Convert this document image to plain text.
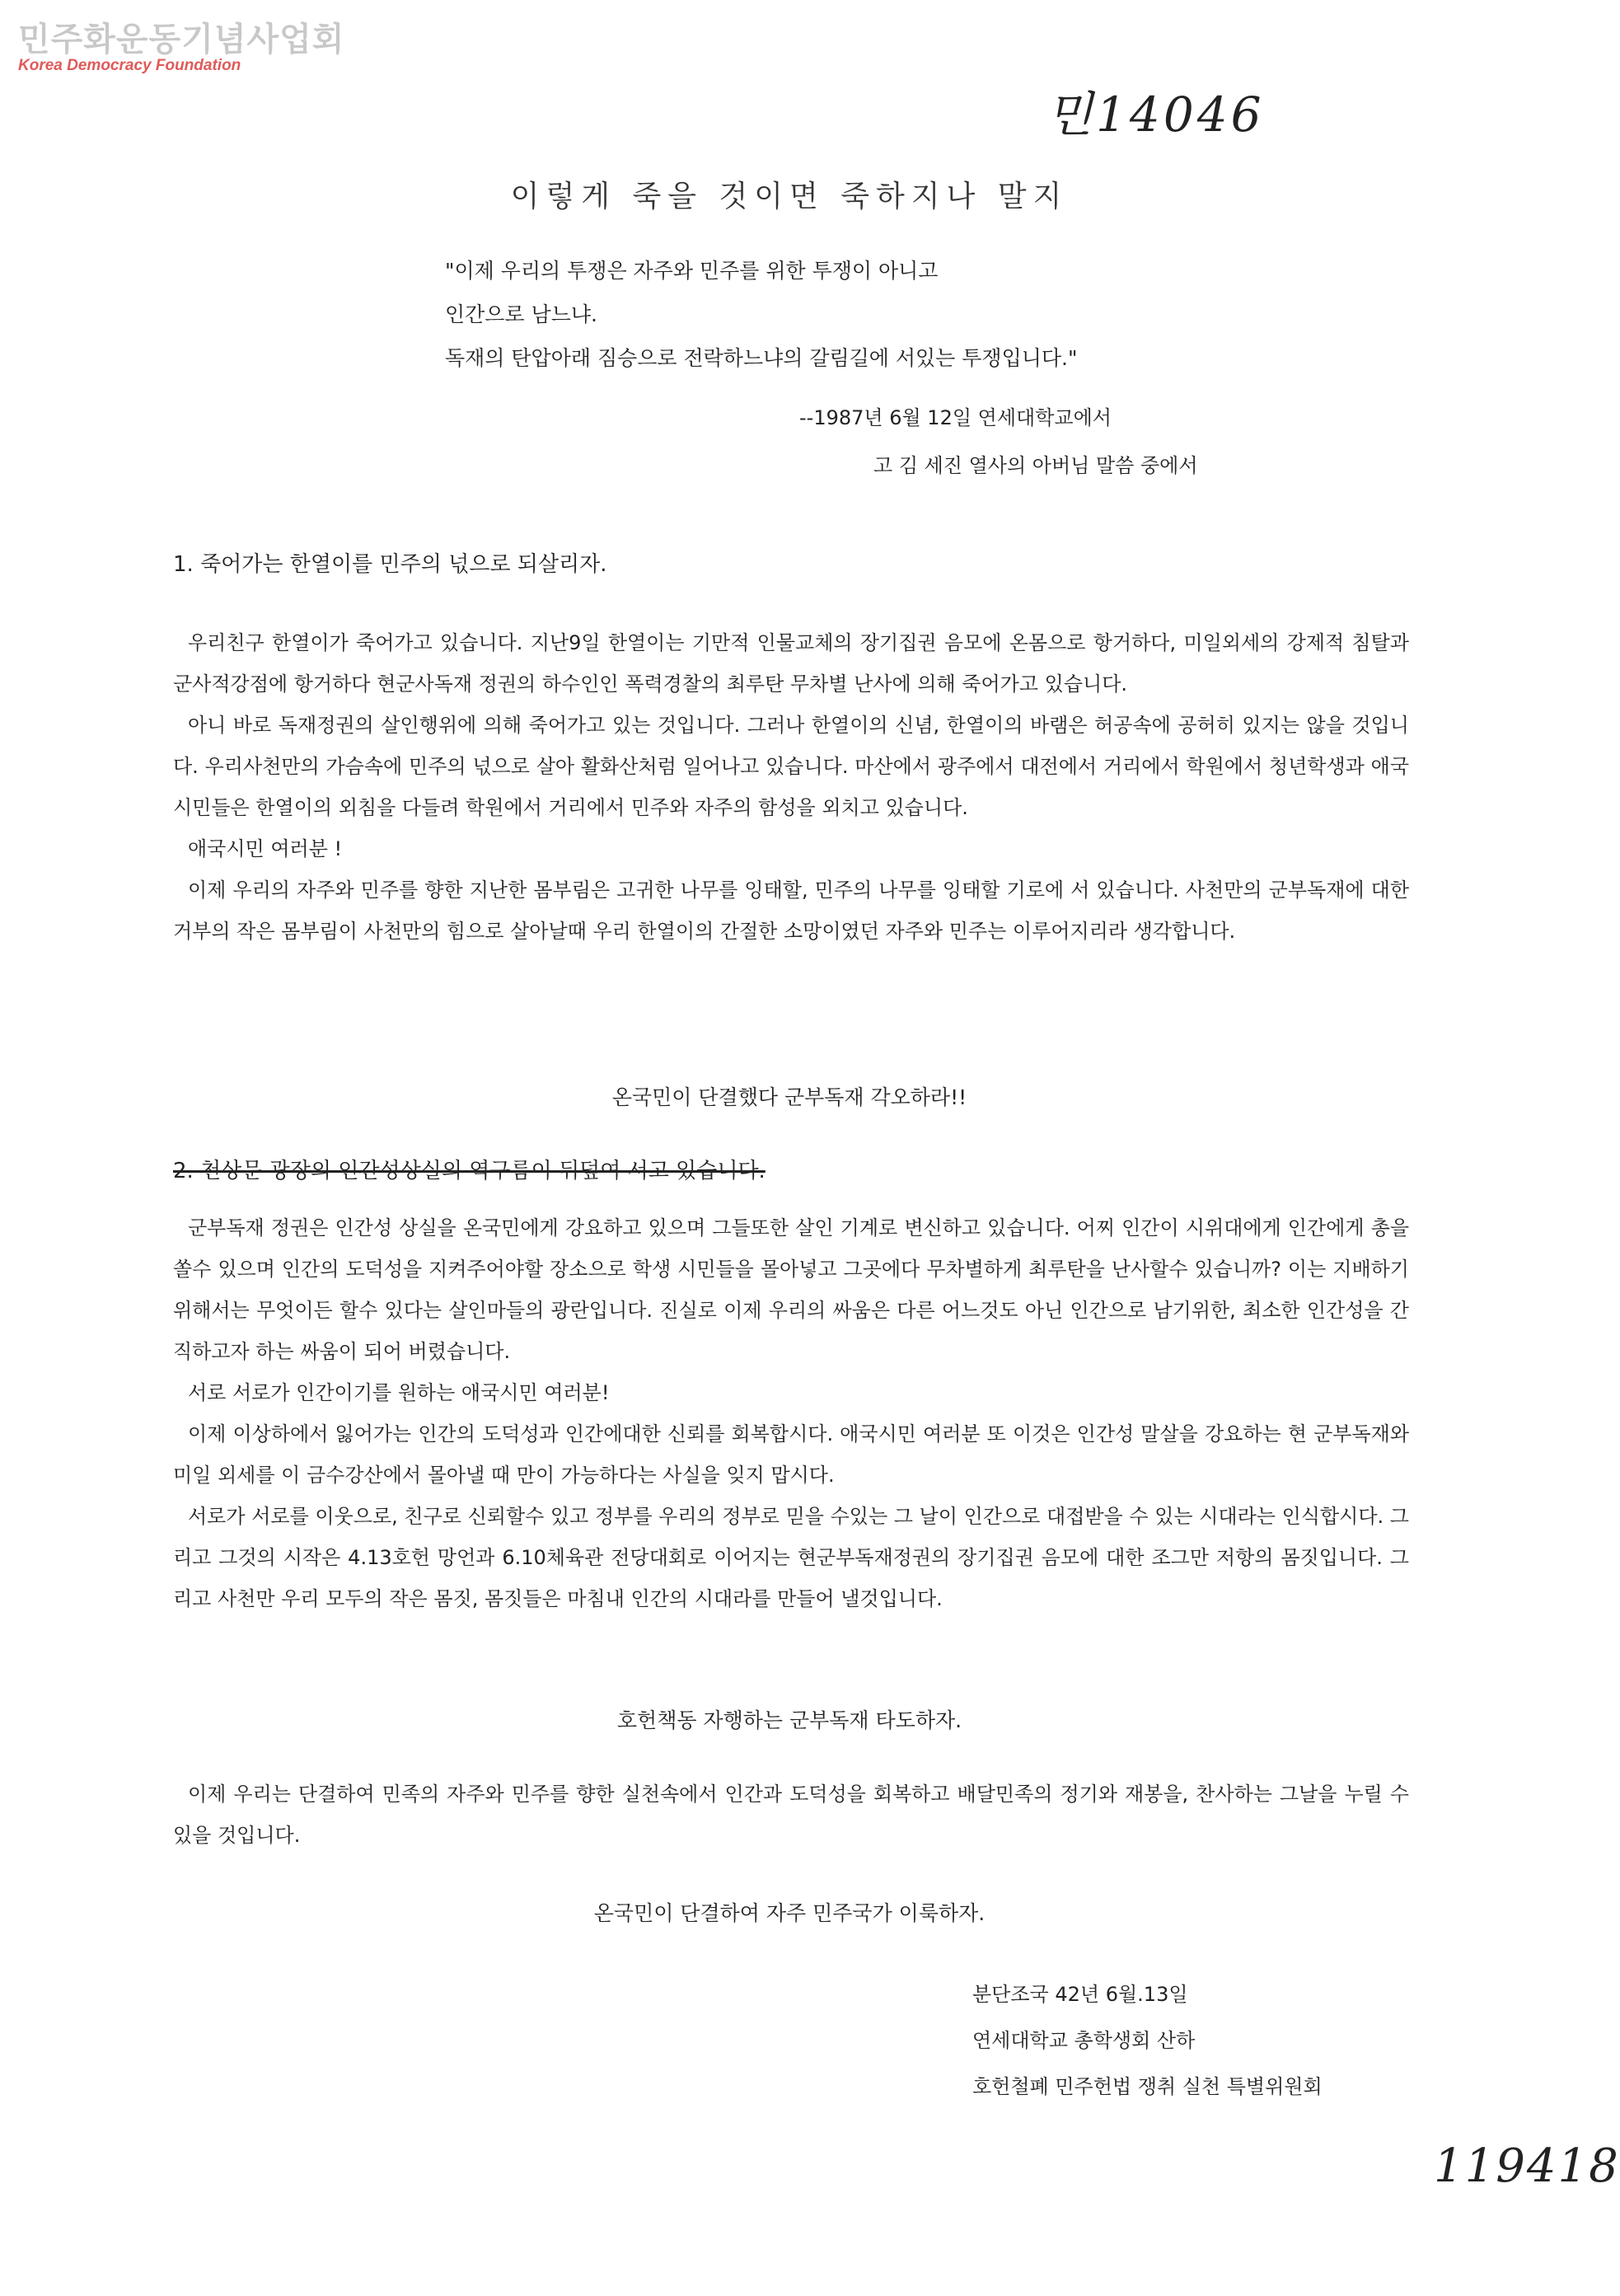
민주화운동기념사업회
Korea Democracy Foundation
민14046
이렇게 죽을 것이면 죽하지나 말지

"이제 우리의 투쟁은 자주와 민주를 위한 투쟁이 아니고

인간으로 남느냐.

독재의 탄압아래 짐승으로 전락하느냐의 갈림길에 서있는 투쟁입니다."

--1987년 6월 12일 연세대학교에서

고 김 세진 열사의 아버님 말씀 중에서

1. 죽어가는 한열이를 민주의 넋으로 되살리자.

우리친구 한열이가 죽어가고 있습니다. 지난9일 한열이는 기만적 인물교체의 장기집권 음모에 온몸으로 항거하다, 미일외세의 강제적 침탈과 군사적강점에 항거하다 현군사독재 정권의 하수인인 폭력경찰의 최루탄 무차별 난사에 의해 죽어가고 있습니다.

아니 바로 독재정권의 살인행위에 의해 죽어가고 있는 것입니다. 그러나 한열이의 신념, 한열이의 바램은 허공속에 공허히 있지는 않을 것입니다. 우리사천만의 가슴속에 민주의 넋으로 살아 활화산처럼 일어나고 있습니다. 마산에서 광주에서 대전에서 거리에서 학원에서 청년학생과 애국시민들은 한열이의 외침을 다들려 학원에서 거리에서 민주와 자주의 함성을 외치고 있습니다.

애국시민 여러분 !

이제 우리의 자주와 민주를 향한 지난한 몸부림은 고귀한 나무를 잉태할, 민주의 나무를 잉태할 기로에 서 있습니다. 사천만의 군부독재에 대한 거부의 작은 몸부림이 사천만의 힘으로 살아날때 우리 한열이의 간절한 소망이였던 자주와 민주는 이루어지리라 생각합니다.

온국민이 단결했다 군부독재 각오하라!!
2. 천상문 광장의 인간성상실의 역구름이 뒤덮여 서고 있습니다.

군부독재 정권은 인간성 상실을 온국민에게 강요하고 있으며 그들또한 살인 기계로 변신하고 있습니다. 어찌 인간이 시위대에게 인간에게 총을 쏠수 있으며 인간의 도덕성을 지켜주어야할 장소으로 학생 시민들을 몰아넣고 그곳에다 무차별하게 최루탄을 난사할수 있습니까? 이는 지배하기 위해서는 무엇이든 할수 있다는 살인마들의 광란입니다. 진실로 이제 우리의 싸움은 다른 어느것도 아닌 인간으로 남기위한, 최소한 인간성을 간직하고자 하는 싸움이 되어 버렸습니다.

서로 서로가 인간이기를 원하는 애국시민 여러분!

이제 이상하에서 잃어가는 인간의 도덕성과 인간에대한 신뢰를 회복합시다. 애국시민 여러분 또 이것은 인간성 말살을 강요하는 현 군부독재와 미일 외세를 이 금수강산에서 몰아낼 때 만이 가능하다는 사실을 잊지 맙시다.

서로가 서로를 이웃으로, 친구로 신뢰할수 있고 정부를 우리의 정부로 믿을 수있는 그 날이 인간으로 대접받을 수 있는 시대라는 인식합시다. 그리고 그것의 시작은 4.13호헌 망언과 6.10체육관 전당대회로 이어지는 현군부독재정권의 장기집권 음모에 대한 조그만 저항의 몸짓입니다. 그리고 사천만 우리 모두의 작은 몸짓, 몸짓들은 마침내 인간의 시대라를 만들어 낼것입니다.

호헌책동 자행하는 군부독재 타도하자.

이제 우리는 단결하여 민족의 자주와 민주를 향한 실천속에서 인간과 도덕성을 회복하고 배달민족의 정기와 재봉을, 찬사하는 그날을 누릴 수 있을 것입니다.

온국민이 단결하여 자주 민주국가 이룩하자.

분단조국 42년 6월.13일

연세대학교 총학생회 산하

호헌철폐 민주헌법 쟁취 실천 특별위원회

119418
